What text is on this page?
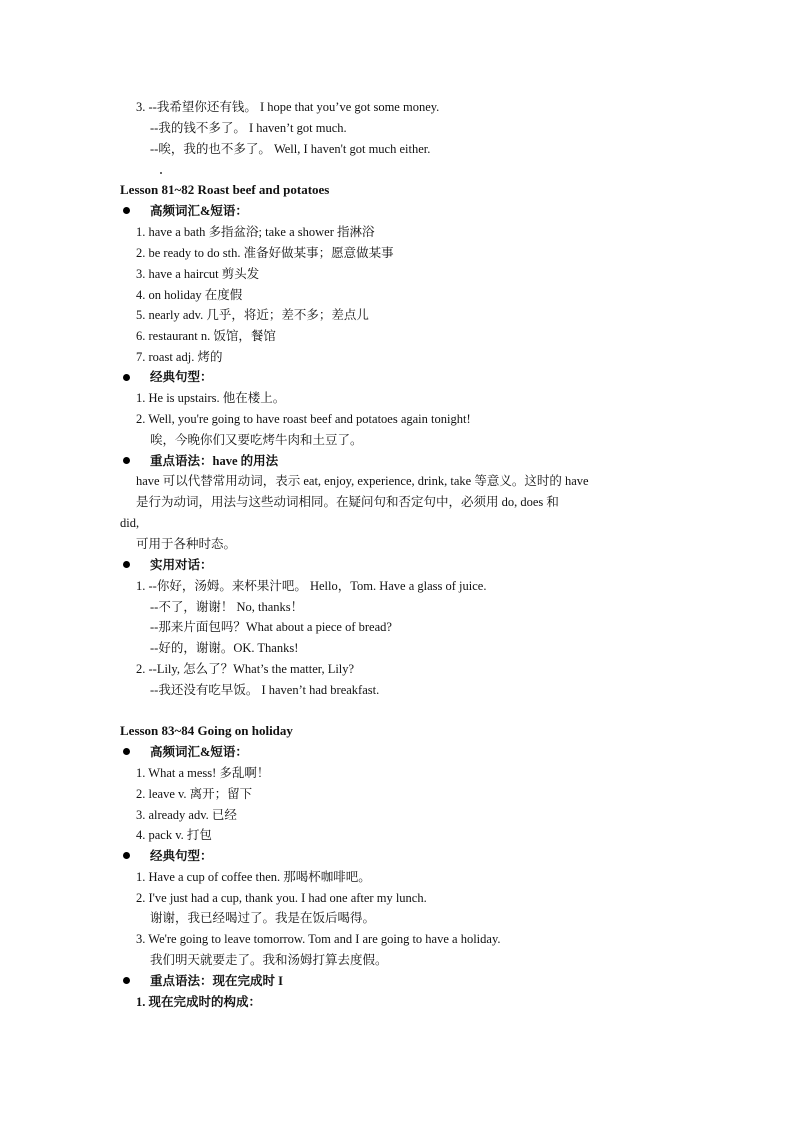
3. --我希望你还有钱。 I hope that you’ve got some money.
--我的钱不多了。 I haven’t got much.
--唉，我的也不多了。 Well, I haven't got much either.
Lesson 81~82 Roast beef and potatoes
高频词汇&短语：
1. have a bath 多指盆浴; take a shower 指淋浴
2. be ready to do sth. 准备好做某事；愿意做某事
3. have a haircut 剪头发
4. on holiday 在度假
5. nearly adv. 几乎，将近；差不多；差点儿
6. restaurant n. 饭馆，餐馆
7. roast adj. 烤的
经典句型：
1. He is upstairs. 他在楼上。
2. Well, you're going to have roast beef and potatoes again tonight!
唉，今晚你们又要吃烤牛肉和土豆了。
重点语法：have 的用法
have 可以代替常用动词，表示 eat, enjoy, experience, drink, take 等意义。这时的 have
是行为动词，用法与这些动词相同。在疑问句和否定句中，必须用 do, does 和
did,
可用于各种时态。
实用对话：
1. --你好，汤姆。来杯果汁吧。 Hello，Tom. Have a glass of juice.
--不了，谢谢！ No, thanks！
--那来片面包吗？What about a piece of bread?
--好的，谢谢。OK. Thanks!
2. --Lily, 怎么了？What’s the matter, Lily?
--我还没有吃早饭。 I haven’t had breakfast.
Lesson 83~84 Going on holiday
高频词汇&短语：
1. What a mess! 多乱啊！
2. leave v. 离开；留下
3. already adv. 已经
4. pack v. 打包
经典句型：
1. Have a cup of coffee then. 那喝杯咖啡吧。
2. I've just had a cup, thank you. I had one after my lunch.
谢谢，我已经喝过了。我是在饭后喝得。
3. We're going to leave tomorrow. Tom and I are going to have a holiday.
我们明天就要走了。我和汤姆打算去度假。
重点语法：现在完成时 I
1. 现在完成时的构成：
